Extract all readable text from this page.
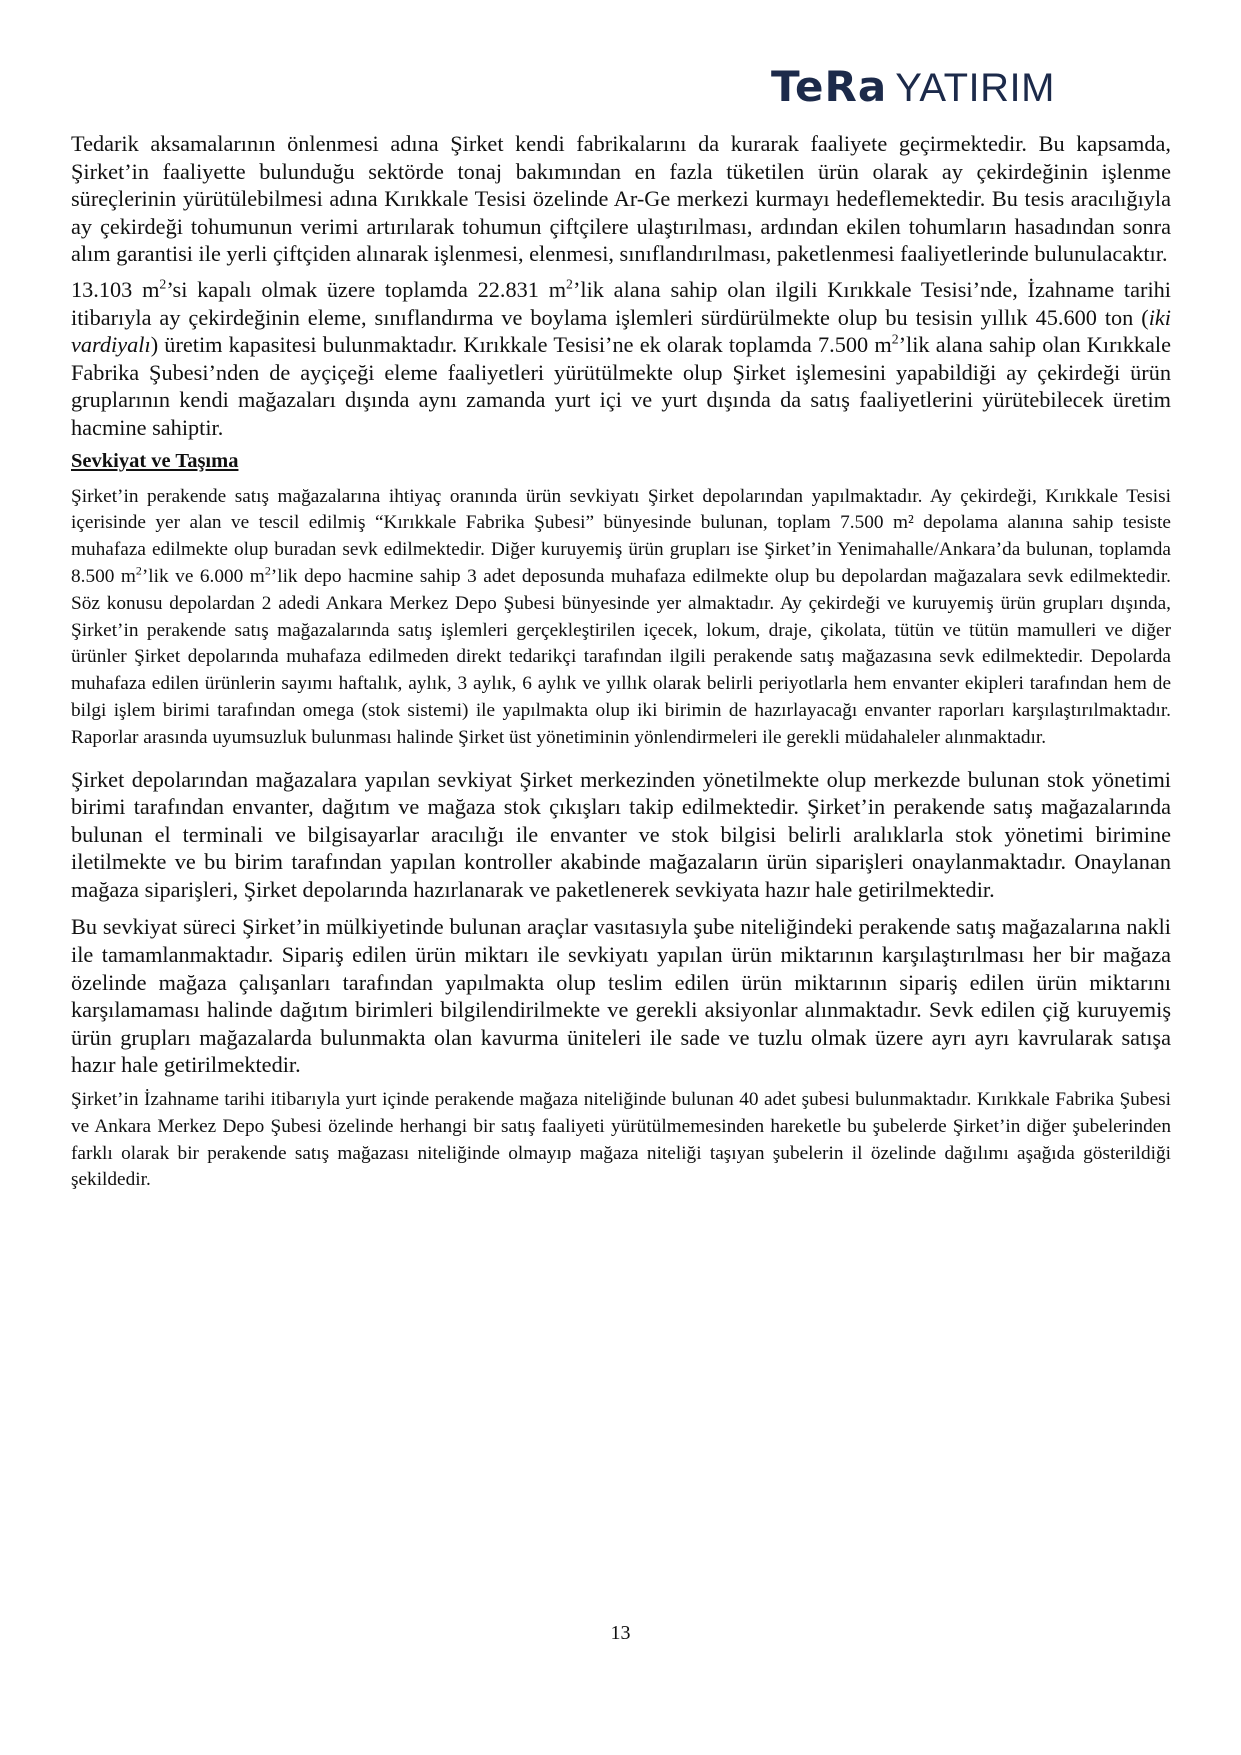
TeRa YATIRIM

Tedarik aksamalarının önlenmesi adına Şirket kendi fabrikalarını da kurarak faaliyete geçirmektedir. Bu kapsamda, Şirket’in faaliyette bulunduğu sektörde tonaj bakımından en fazla tüketilen ürün olarak ay çekirdeğinin işlenme süreçlerinin yürütülebilmesi adına Kırıkkale Tesisi özelinde Ar-Ge merkezi kurmayı hedeflemektedir. Bu tesis aracılığıyla ay çekirdeği tohumunun verimi artırılarak tohumun çiftçilere ulaştırılması, ardından ekilen tohumların hasadından sonra alım garantisi ile yerli çiftçiden alınarak işlenmesi, elenmesi, sınıflandırılması, paketlenmesi faaliyetlerinde bulunulacaktır.

13.103 $m^2’si$ kapalı olmak üzere toplamda 22.831 $m^2’lik$ alana sahip olan ilgili Kırıkkale Tesisi’nde, İzahname tarihi itibarıyla ay çekirdeğinin eleme, sınıflandırma ve boylama işlemleri sürdürülmekte olup bu tesisin yıllık 45.600 ton (iki vardiyalı) üretim kapasitesi bulunmaktadır. Kırıkkale Tesisi’ne ek olarak toplamda 7.500 $m^2’lik$ alana sahip olan Kırıkkale Fabrika Şubesi’nden de ayçiçeği eleme faaliyetleri yürütülmekte olup Şirket işlemesini yapabildiği ay çekirdeği ürün gruplarının kendi mağazaları dışında aynı zamanda yurt içi ve yurt dışında da satış faaliyetlerini yürütebilecek üretim hacmine sahiptir.

Sevkiyat ve Taşıma

Şirket’in perakende satış mağazalarına ihtiyaç oranında ürün sevkiyatı Şirket depolarından yapılmaktadır. Ay çekirdeği, Kırıkkale Tesisi içerisinde yer alan ve tescil edilmiş “Kırıkkale Fabrika Şubesi” bünyesinde bulunan, toplam 7.500 m² depolama alanına sahip tesiste muhafaza edilmekte olup buradan sevk edilmektedir. Diğer kuruyemiş ürün grupları ise Şirket’in Yenimahalle/Ankara’da bulunan, toplamda 8.500 $m^2’lik$ ve 6.000 $m^2’lik$ depo hacmine sahip 3 adet deposunda muhafaza edilmekte olup bu depolardan mağazalara sevk edilmektedir. Söz konusu depolardan 2 adedi Ankara Merkez Depo Şubesi bünyesinde yer almaktadır. Ay çekirdeği ve kuruyemiş ürün grupları dışında, Şirket’in perakende satış mağazalarında satış işlemleri gerçekleştirilen içecek, lokum, draje, çikolata, tütün ve tütün mamulleri ve diğer ürünler Şirket depolarında muhafaza edilmeden direkt tedarikçi tarafından ilgili perakende satış mağazasına sevk edilmektedir. Depolarda muhafaza edilen ürünlerin sayımı haftalık, aylık, 3 aylık, 6 aylık ve yıllık olarak belirli periyotlarla hem envanter ekipleri tarafından hem de bilgi işlem birimi tarafından omega (stok sistemi) ile yapılmakta olup iki birimin de hazırlayacağı envanter raporları karşılaştırılmaktadır. Raporlar arasında uyumsuzluk bulunması halinde Şirket üst yönetiminin yönlendirmeleri ile gerekli müdahaleler alınmaktadır.

Şirket depolarından mağazalara yapılan sevkiyat Şirket merkezinden yönetilmekte olup merkezde bulunan stok yönetimi birimi tarafından envanter, dağıtım ve mağaza stok çıkışları takip edilmektedir. Şirket’in perakende satış mağazalarında bulunan el terminali ve bilgisayarlar aracılığı ile envanter ve stok bilgisi belirli aralıklarla stok yönetimi birimine iletilmekte ve bu birim tarafından yapılan kontroller akabinde mağazaların ürün siparişleri onaylanmaktadır. Onaylanan mağaza siparişleri, Şirket depolarında hazırlanarak ve paketlenerek sevkiyata hazır hale getirilmektedir.

Bu sevkiyat süreci Şirket’in mülkiyetinde bulunan araçlar vasıtasıyla şube niteliğindeki perakende satış mağazalarına nakli ile tamamlanmaktadır. Sipariş edilen ürün miktarı ile sevkiyatı yapılan ürün miktarının karşılaştırılması her bir mağaza özelinde mağaza çalışanları tarafından yapılmakta olup teslim edilen ürün miktarının sipariş edilen ürün miktarını karşılamaması halinde dağıtım birimleri bilgilendirilmekte ve gerekli aksiyonlar alınmaktadır. Sevk edilen çiğ kuruyemiş ürün grupları mağazalarda bulunmakta olan kavurma üniteleri ile sade ve tuzlu olmak üzere ayrı ayrı kavrularak satışa hazır hale getirilmektedir.

Şirket’in İzahname tarihi itibarıyla yurt içinde perakende mağaza niteliğinde bulunan 40 adet şubesi bulunmaktadır. Kırıkkale Fabrika Şubesi ve Ankara Merkez Depo Şubesi özelinde herhangi bir satış faaliyeti yürütülmemesinden hareketle bu şubelerde Şirket’in diğer şubelerinden farklı olarak bir perakende satış mağazası niteliğinde olmayıp mağaza niteliği taşıyan şubelerin il özelinde dağılımı aşağıda gösterildiği şekildedir.

13
